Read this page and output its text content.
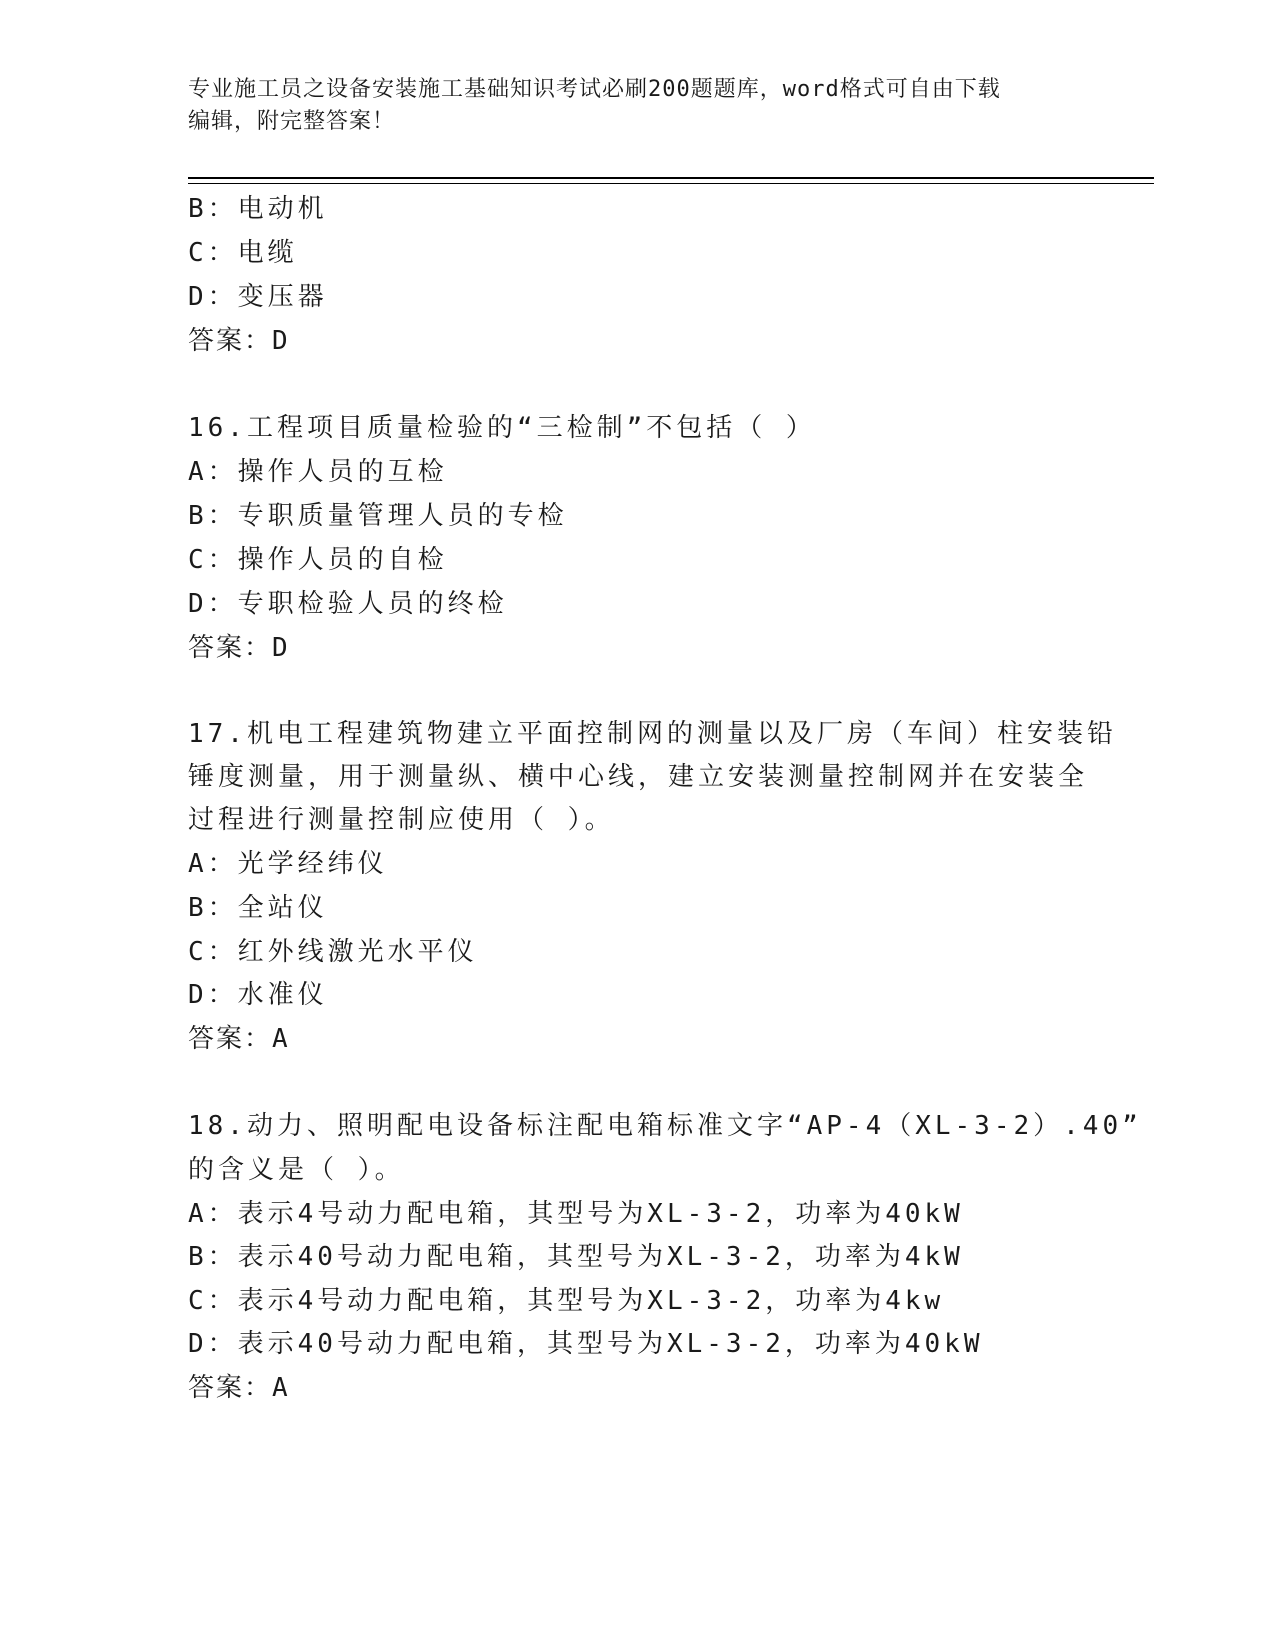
专业施工员之设备安装施工基础知识考试必刷200题题库，word格式可自由下载
编辑，附完整答案！
B：电动机
C：电缆
D：变压器
答案：D
16.工程项目质量检验的“三检制”不包括（ ）
A：操作人员的互检
B：专职质量管理人员的专检
C：操作人员的自检
D：专职检验人员的终检
答案：D
17.机电工程建筑物建立平面控制网的测量以及厂房（车间）柱安装铅
锤度测量，用于测量纵、横中心线，建立安装测量控制网并在安装全
过程进行测量控制应使用（ ）。
A：光学经纬仪
B：全站仪
C：红外线激光水平仪
D：水准仪
答案：A
18.动力、照明配电设备标注配电箱标准文字“AP-4（XL-3-2）.40”
的含义是（ ）。
A：表示4号动力配电箱，其型号为XL-3-2，功率为40kW
B：表示40号动力配电箱，其型号为XL-3-2，功率为4kW
C：表示4号动力配电箱，其型号为XL-3-2，功率为4kw
D：表示40号动力配电箱，其型号为XL-3-2，功率为40kW
答案：A
